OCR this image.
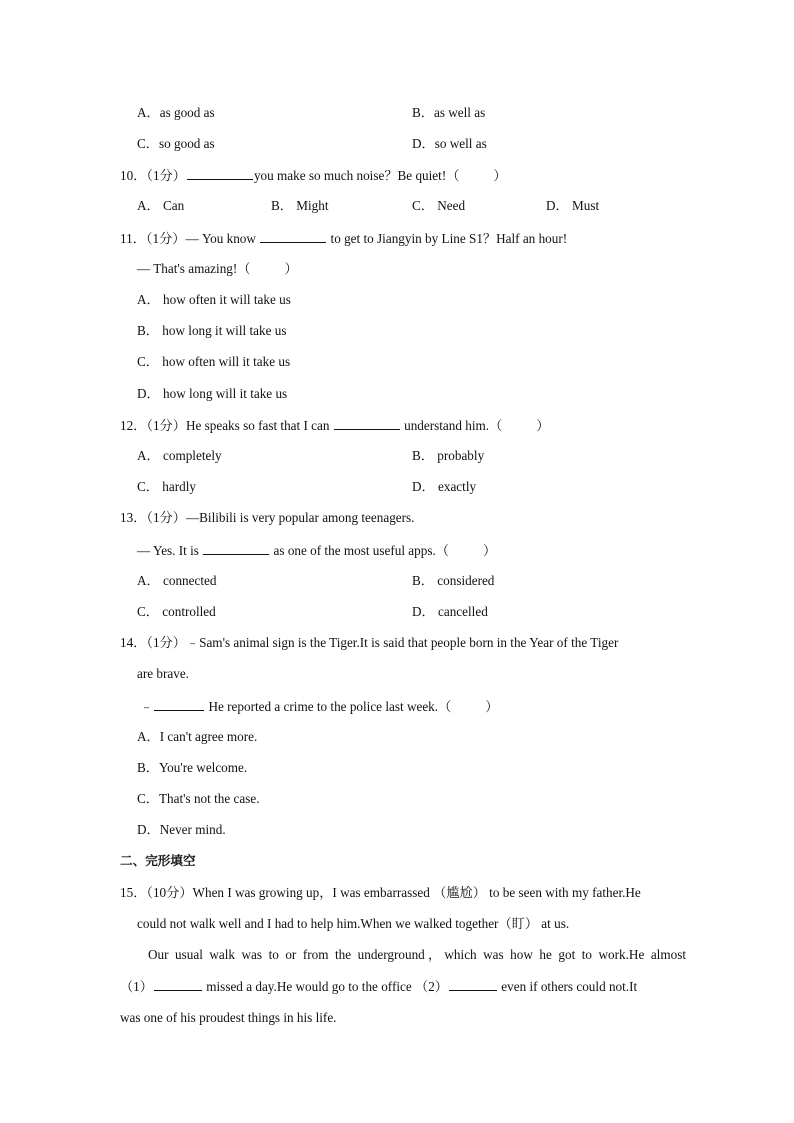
A．as good as	B．as well as
C．so good as	D．so well as
10．（1分）	you make so much noise？Be quiet!（	）
A． Can	B． Might	C． Need	D． Must
11．（1分）— You know	to get to Jiangyin by Line S1？Half an hour!
— That's amazing!（	）
A． how often it will take us
B． how long it will take us
C． how often will it take us
D． how long will it take us
12．（1分）He speaks so fast that I can	understand him.（	）
A． completely	B． probably
C． hardly	D． exactly
13．（1分）—Bilibili is very popular among teenagers.
— Yes. It is	as one of the most useful apps.（	）
A． connected	B． considered
C． controlled	D． cancelled
14．（1分）﹣Sam's animal sign is the Tiger.It is said that people born in the Year of the Tiger
are brave.
﹣	He reported a crime to the police last week.（	）
A．I can't agree more.
B．You're welcome.
C．That's not the case.
D．Never mind.
二、完形填空
15．（10分）When I was growing up，I was embarrassed （尴尬） to be seen with my father.He
could not walk well and I had to help him.When we walked together（盯） at us.
Our usual walk was to or from the underground，which was how he got to work.He almost
（1）	missed a day.He would go to the office （2）	even if others could not.It
was one of his proudest things in his life.
